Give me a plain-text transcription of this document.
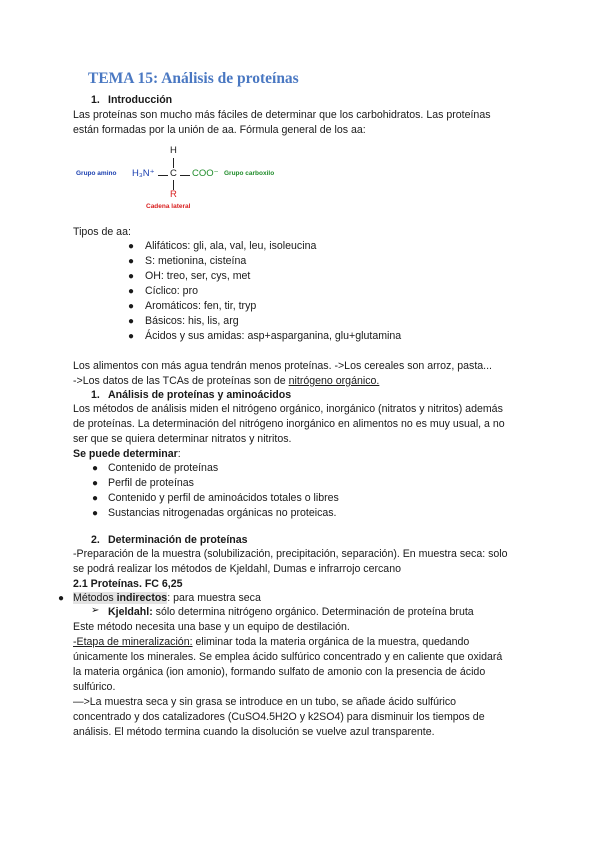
TEMA 15: Análisis de proteínas
1. Introducción
Las proteínas son mucho más fáciles de determinar que los carbohidratos. Las proteínas
están formadas por la unión de aa. Fórmula general de los aa:
H
Grupo amino H₃N⁺ C COO⁻ Grupo carboxilo
R
Cadena lateral
Tipos de aa:
● Alifáticos: gli, ala, val, leu, isoleucina
● S: metionina, cisteína
● OH: treo, ser, cys, met
● Cíclico: pro
● Aromáticos: fen, tir, tryp
● Básicos: his, lis, arg
● Ácidos y sus amidas: asp+asparganina, glu+glutamina
Los alimentos con más agua tendrán menos proteínas. ->Los cereales son arroz, pasta...
->Los datos de las TCAs de proteínas son de nitrógeno orgánico.
1. Análisis de proteínas y aminoácidos
Los métodos de análisis miden el nitrógeno orgánico, inorgánico (nitratos y nitritos) además
de proteínas. La determinación del nitrógeno inorgánico en alimentos no es muy usual, a no
ser que se quiera determinar nitratos y nitritos.
Se puede determinar:
● Contenido de proteínas
● Perfil de proteínas
● Contenido y perfil de aminoácidos totales o libres
● Sustancias nitrogenadas orgánicas no proteicas.
2. Determinación de proteínas
-Preparación de la muestra (solubilización, precipitación, separación). En muestra seca: solo
se podrá realizar los métodos de Kjeldahl, Dumas e infrarrojo cercano
2.1 Proteínas. FC 6,25
● Métodos indirectos: para muestra seca
➢ Kjeldahl: sólo determina nitrógeno orgánico. Determinación de proteína bruta
Este método necesita una base y un equipo de destilación.
-Etapa de mineralización: eliminar toda la materia orgánica de la muestra, quedando
únicamente los minerales. Se emplea ácido sulfúrico concentrado y en caliente que oxidará
la materia orgánica (ion amonio), formando sulfato de amonio con la presencia de ácido
sulfúrico.
—>La muestra seca y sin grasa se introduce en un tubo, se añade ácido sulfúrico
concentrado y dos catalizadores (CuSO4.5H2O y k2SO4) para disminuir los tiempos de
análisis. El método termina cuando la disolución se vuelve azul transparente.
